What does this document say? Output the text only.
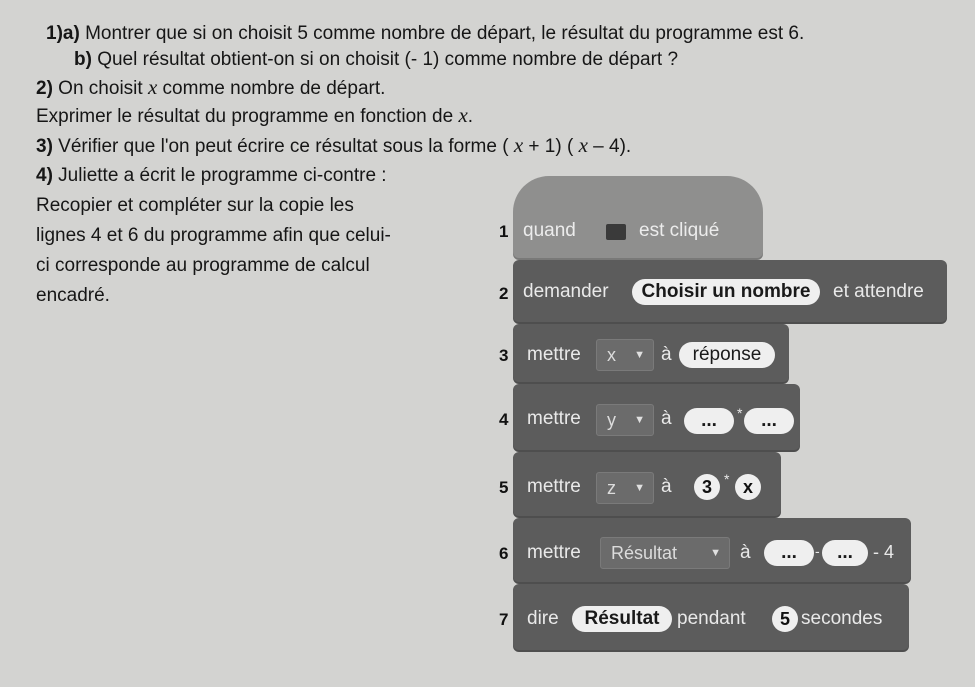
1)a) Montrer que si on choisit 5 comme nombre de départ, le résultat du programme est 6.
b) Quel résultat obtient-on si on choisit (- 1) comme nombre de départ ?
2) On choisit x comme nombre de départ.
Exprimer le résultat du programme en fonction de x.
3) Vérifier que l'on peut écrire ce résultat sous la forme ( x + 1) ( x – 4).
4) Juliette a écrit le programme ci-contre :
Recopier et compléter sur la copie les
lignes 4 et 6 du programme afin que celui-
ci corresponde au programme de calcul
encadré.
1 quand	est cliqué
2 demander	Choisir un nombre	et attendre
3 mettre	x ▼ à	réponse
4 mettre	y ▼ à	...	* ...
5 mettre	z ▼ à	3 * x
6 mettre	Résultat	▼ à	...	- ...	- 4
7 dire	Résultat pendant	5 secondes
